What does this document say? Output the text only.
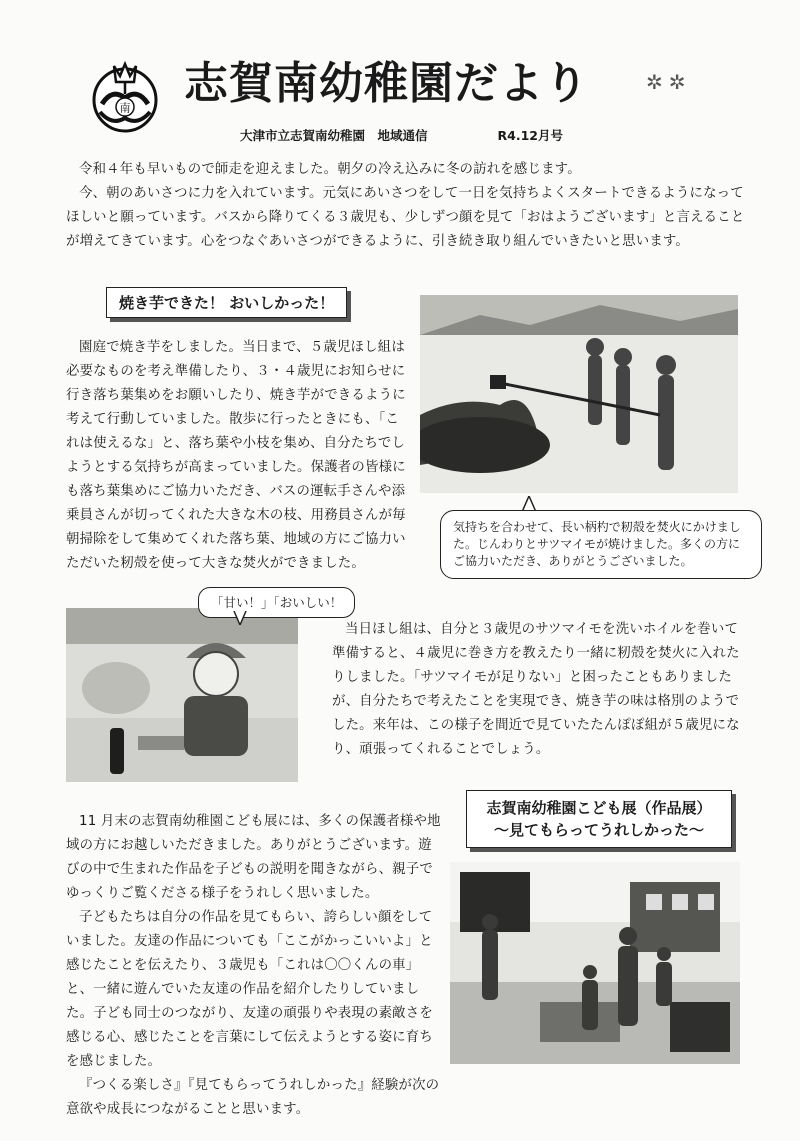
南 志賀南幼稚園だより	✲✲
大津市立志賀南幼稚園　地域通信	R4.12月号

令和４年も早いもので師走を迎えました。朝夕の冷え込みに冬の訪れを感じます。

今、朝のあいさつに力を入れています。元気にあいさつをして一日を気持ちよくスタートできるようになってほしいと願っています。バスから降りてくる３歳児も、少しずつ顔を見て「おはようございます」と言えることが増えてきています。心をつなぐあいさつができるように、引き続き取り組んでいきたいと思います。

焼き芋できた！ おいしかった！

園庭で焼き芋をしました。当日まで、５歳児ほし組は必要なものを考え準備したり、３・４歳児にお知らせに行き落ち葉集めをお願いしたり、焼き芋ができるように考えて行動していました。散歩に行ったときにも、「これは使えるな」と、落ち葉や小枝を集め、自分たちでしようとする気持ちが高まっていました。保護者の皆様にも落ち葉集めにご協力いただき、バスの運転手さんや添乗員さんが切ってくれた大きな木の枝、用務員さんが毎朝掃除をして集めてくれた落ち葉、地域の方にご協力いただいた籾殻を使って大きな焚火ができました。

気持ちを合わせて、長い柄杓で籾殻を焚火にかけました。じんわりとサツマイモが焼けました。多くの方にご協力いただき、ありがとうございました。
「甘い！」「おいしい！

当日ほし組は、自分と３歳児のサツマイモを洗いホイルを巻いて準備すると、４歳児に巻き方を教えたり一緒に籾殻を焚火に入れたりしました。「サツマイモが足りない」と困ったこともありましたが、自分たちで考えたことを実現でき、焼き芋の味は格別のようでした。来年は、この様子を間近で見ていたたんぽぽ組が５歳児になり、頑張ってくれることでしょう。

11 月末の志賀南幼稚園こども展には、多くの保護者様や地域の方にお越しいただきました。ありがとうございます。遊びの中で生まれた作品を子どもの説明を聞きながら、親子でゆっくりご覧くださる様子をうれしく思いました。

子どもたちは自分の作品を見てもらい、誇らしい顔をしていました。友達の作品についても「ここがかっこいいよ」と感じたことを伝えたり、３歳児も「これは〇〇くんの車」と、一緒に遊んでいた友達の作品を紹介したりしていました。子ども同士のつながり、友達の頑張りや表現の素敵さを感じる心、感じたことを言葉にして伝えようとする姿に育ちを感じました。

『つくる楽しさ』『見てもらってうれしかった』経験が次の意欲や成長につながることと思います。

志賀南幼稚園こども展（作品展）
～見てもらってうれしかった～
